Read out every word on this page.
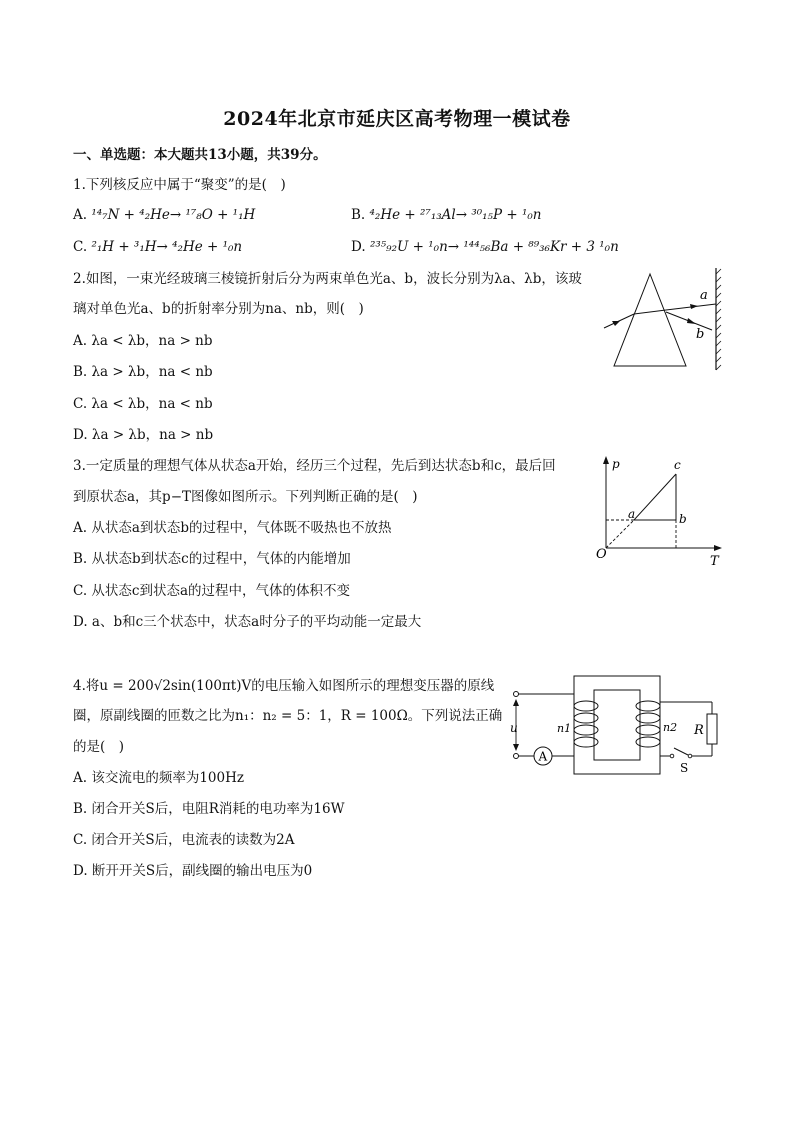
2024年北京市延庆区高考物理一模试卷
一、单选题：本大题共13小题，共39分。
1.下列核反应中属于“聚变”的是(　)
A. ¹⁴₇N + ⁴₂He→ ¹⁷₈O + ¹₁H	B. ⁴₂He + ²⁷₁₃Al→ ³⁰₁₅P + ¹₀n
C. ²₁H + ³₁H→ ⁴₂He + ¹₀n	D. ²³⁵₉₂U + ¹₀n→ ¹⁴⁴₅₆Ba + ⁸⁹₃₆Kr + 3 ¹₀n
2.如图，一束光经玻璃三棱镜折射后分为两束单色光a、b，波长分别为λa、λb，该玻
璃对单色光a、b的折射率分别为na、nb，则(　)
A. λa < λb，na > nb
B. λa > λb，na < nb
C. λa < λb，na < nb
D. λa > λb，na > nb
a
b
3.一定质量的理想气体从状态a开始，经历三个过程，先后到达状态b和c，最后回
到原状态a，其p−T图像如图所示。下列判断正确的是(　)
A. 从状态a到状态b的过程中，气体既不吸热也不放热
B. 从状态b到状态c的过程中，气体的内能增加
C. 从状态c到状态a的过程中，气体的体积不变
D. a、b和c三个状态中，状态a时分子的平均动能一定最大
O
p
T
a	b
c
4.将u = 200√2sin(100πt)V的电压输入如图所示的理想变压器的原线
圈，原副线圈的匝数之比为n₁：n₂ = 5：1，R = 100Ω。下列说法正确
的是(　)
A. 该交流电的频率为100Hz
B. 闭合开关S后，电阻R消耗的电功率为16W
C. 闭合开关S后，电流表的读数为2A
D. 断开开关S后，副线圈的输出电压为0
A
u	R
S
n1	n2
